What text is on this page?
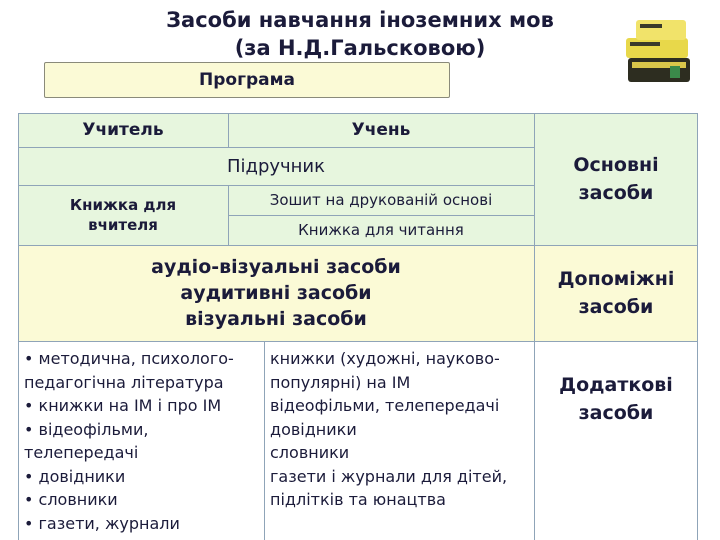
Засоби навчання іноземних мов
(за Н.Д.Гальсковою)
Програма
Учитель	Учень
Підручник
Книжка для вчителя
Зошит на друкованій основі
Книжка для читання
Основні засоби
аудіо-візуальні засоби
аудитивні засоби
візуальні засоби
Допоміжні засоби
Додаткові засоби
• методична, психолого-
педагогічна література
• книжки на ІМ і про ІМ
• відеофільми,
телепередачі
• довідники
• словники
• газети, журнали
книжки (художні, науково-
популярні) на ІМ
відеофільми, телепередачі
довідники
словники
газети і журнали для дітей,
підлітків та юнацтва
